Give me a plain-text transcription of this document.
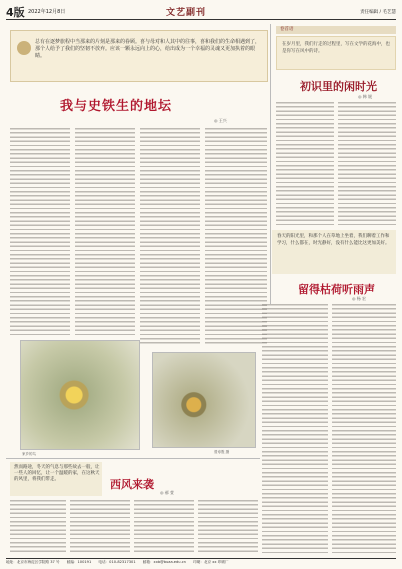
4版 2022年12月8日	文艺副刊	责任编辑 / 毛艺慧

总有在逐梦旅程中当那来的片刻是那来的眷顾。喜与母对和人其中的往事，喜和我们的生命相遇到了，那个人给予了我们的坚韧不放弃。应该一颗永远向上的心，给出成为一个幸福的灵魂又更加执着的眼睛。

我与史铁生的地坛
◎ 王兴
家乡的鸟	曾寿胜 摄
卷首语

在岁月里，我们行走的过程里，写在文学的花海中，也是你写在风中的诗。

初识里的闲时光
◎ 韩 媛

春天的阳光里，和那个人在草地上坐着，我们聊着工作和学习，什么都在，时光静好，没有什么能比这更加美好。

留得枯荷听雨声
◎ 杨 宏

然而路途，冬天的气息与那些故去一般，让一些人的回忆，让一个温暖的家，在这秋天的风里，将我们带走。	西风来袭
◎ 郝 萱
地址：北京市海淀区学院路 37 号 邮编：100191 电话：010-82317301 邮箱：xxb@buaa.edu.cn 印刷：北京 xx 印刷厂
